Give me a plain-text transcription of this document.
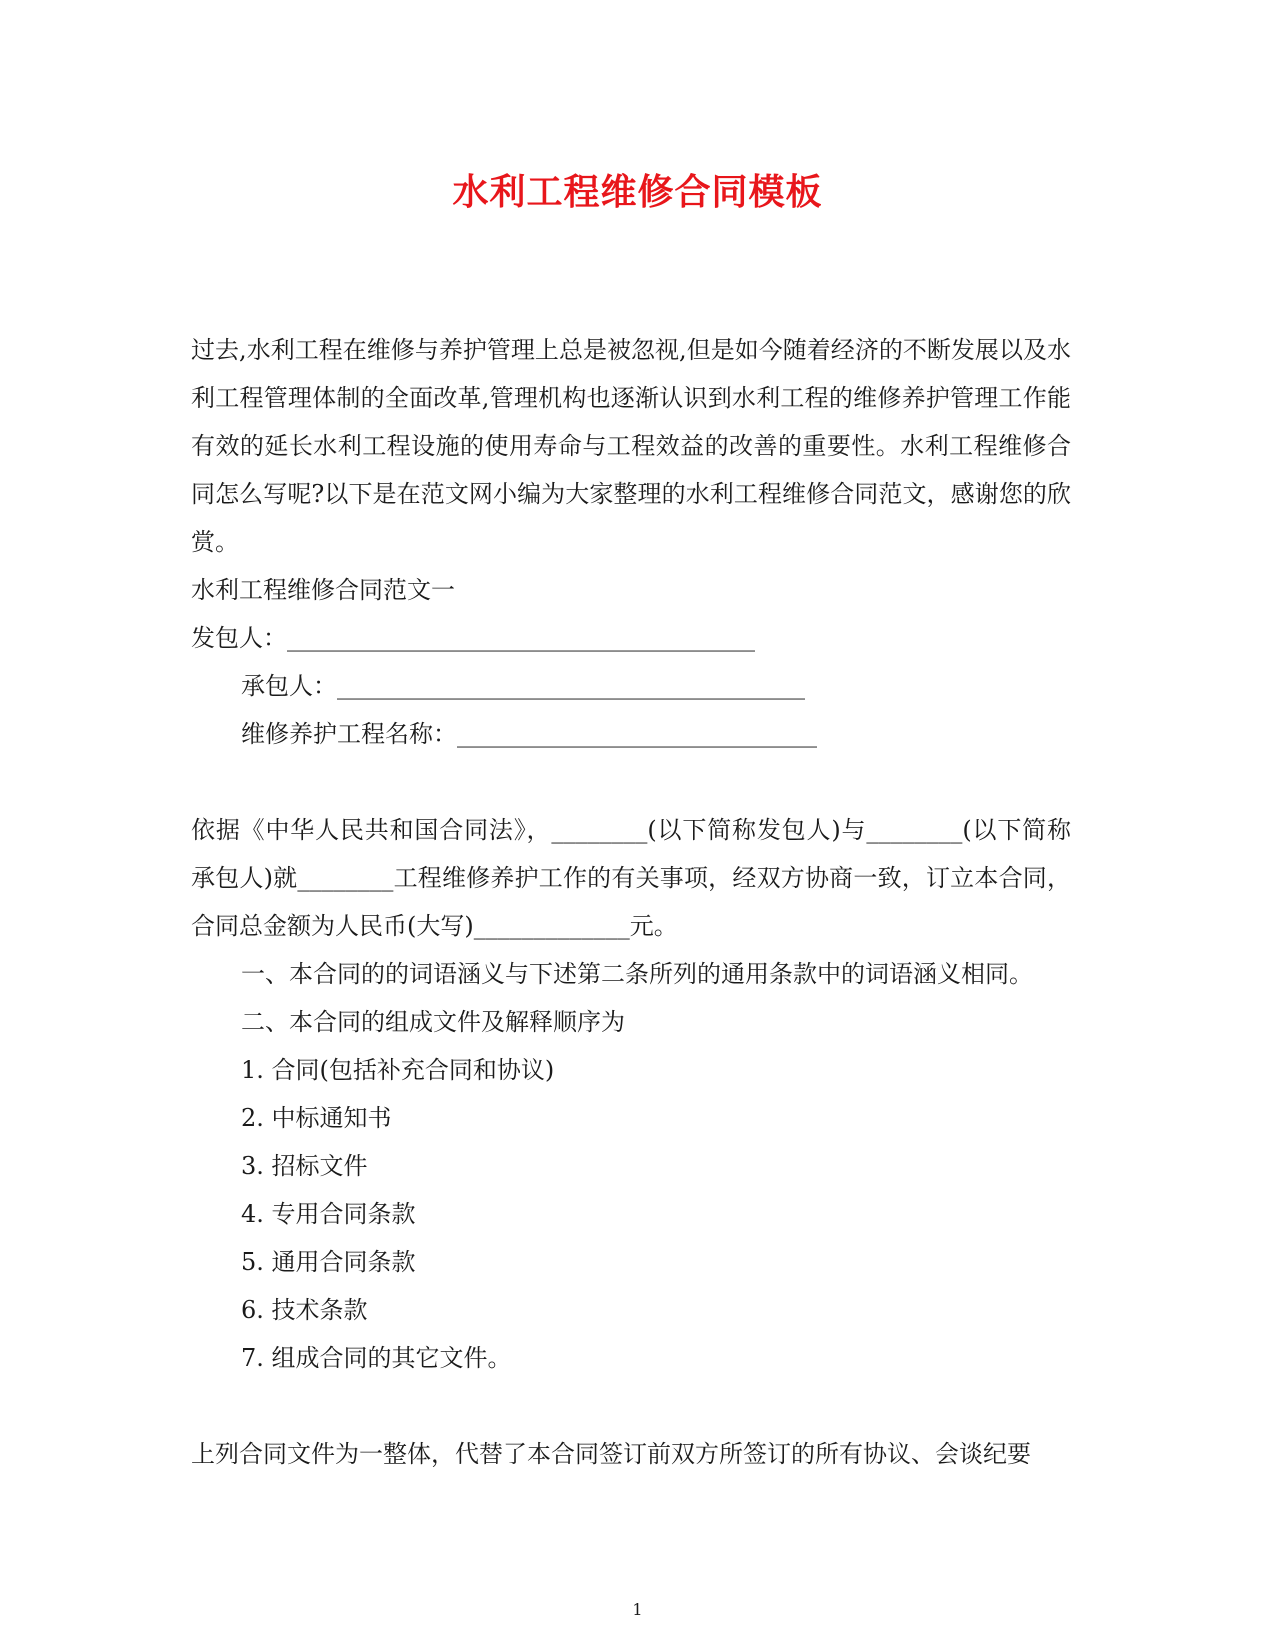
水利工程维修合同模板

过去,水利工程在维修与养护管理上总是被忽视,但是如今随着经济的不断发展以及水利工程管理体制的全面改革,管理机构也逐渐认识到水利工程的维修养护管理工作能有效的延长水利工程设施的使用寿命与工程效益的改善的重要性。水利工程维修合同怎么写呢?以下是在范文网小编为大家整理的水利工程维修合同范文，感谢您的欣赏。

水利工程维修合同范文一

发包人：_______________________________________

承包人：_______________________________________

维修养护工程名称：______________________________

依据《中华人民共和国合同法》，________(以下简称发包人)与________(以下简称承包人)就________工程维修养护工作的有关事项，经双方协商一致，订立本合同，合同总金额为人民币(大写)_____________元。

一、本合同的的词语涵义与下述第二条所列的通用条款中的词语涵义相同。

二、本合同的组成文件及解释顺序为

1. 合同(包括补充合同和协议)

2. 中标通知书

3. 招标文件

4. 专用合同条款

5. 通用合同条款

6. 技术条款

7. 组成合同的其它文件。

上列合同文件为一整体，代替了本合同签订前双方所签订的所有协议、会谈纪要

1
